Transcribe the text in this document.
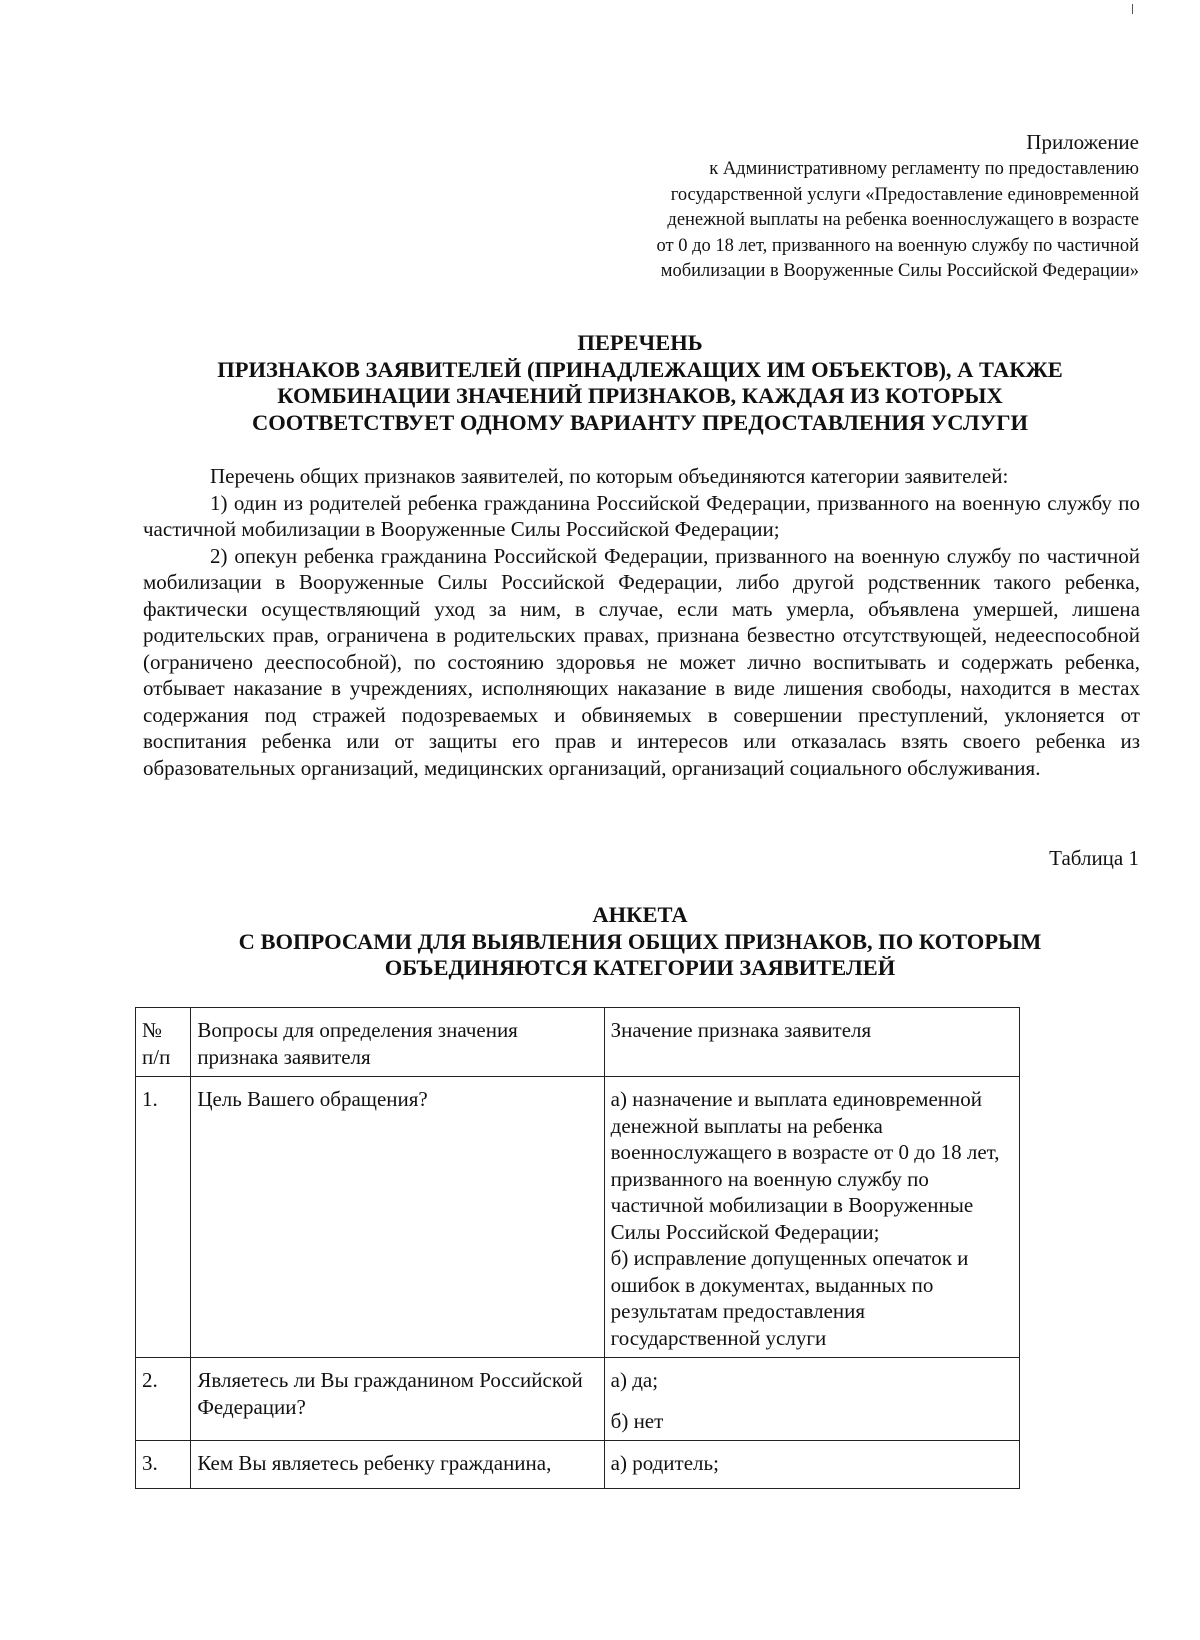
Приложение
к Административному регламенту по предоставлению
государственной услуги «Предоставление единовременной
денежной выплаты на ребенка военнослужащего в возрасте
от 0 до 18 лет, призванного на военную службу по частичной
мобилизации в Вооруженные Силы Российской Федерации»
ПЕРЕЧЕНЬ
ПРИЗНАКОВ ЗАЯВИТЕЛЕЙ (ПРИНАДЛЕЖАЩИХ ИМ ОБЪЕКТОВ), А ТАКЖЕ
КОМБИНАЦИИ ЗНАЧЕНИЙ ПРИЗНАКОВ, КАЖДАЯ ИЗ КОТОРЫХ
СООТВЕТСТВУЕТ ОДНОМУ ВАРИАНТУ ПРЕДОСТАВЛЕНИЯ УСЛУГИ

Перечень общих признаков заявителей, по которым объединяются категории заявителей:

1) один из родителей ребенка гражданина Российской Федерации, призванного на военную службу по частичной мобилизации в Вооруженные Силы Российской Федерации;

2) опекун ребенка гражданина Российской Федерации, призванного на военную службу по частичной мобилизации в Вооруженные Силы Российской Федерации, либо другой родственник такого ребенка, фактически осуществляющий уход за ним, в случае, если мать умерла, объявлена умершей, лишена родительских прав, ограничена в родительских правах, признана безвестно отсутствующей, недееспособной (ограничено дееспособной), по состоянию здоровья не может лично воспитывать и содержать ребенка, отбывает наказание в учреждениях, исполняющих наказание в виде лишения свободы, находится в местах содержания под стражей подозреваемых и обвиняемых в совершении преступлений, уклоняется от воспитания ребенка или от защиты его прав и интересов или отказалась взять своего ребенка из образовательных организаций, медицинских организаций, организаций социального обслуживания.

Таблица 1
АНКЕТА
С ВОПРОСАМИ ДЛЯ ВЫЯВЛЕНИЯ ОБЩИХ ПРИЗНАКОВ, ПО КОТОРЫМ
ОБЪЕДИНЯЮТСЯ КАТЕГОРИИ ЗАЯВИТЕЛЕЙ
№
п/п	Вопросы для определения значения признака заявителя	Значение признака заявителя
1.	Цель Вашего обращения?	а) назначение и выплата единовременной денежной выплаты на ребенка военнослужащего в возрасте от 0 до 18 лет, призванного на военную службу по частичной мобилизации в Вооруженные Силы Российской Федерации;
б) исправление допущенных опечаток и ошибок в документах, выданных по результатам предоставления государственной услуги

2.	Являетесь ли Вы гражданином Российской Федерации?	а) да;
б) нет

3.	Кем Вы являетесь ребенку гражданина,	а) родитель;
